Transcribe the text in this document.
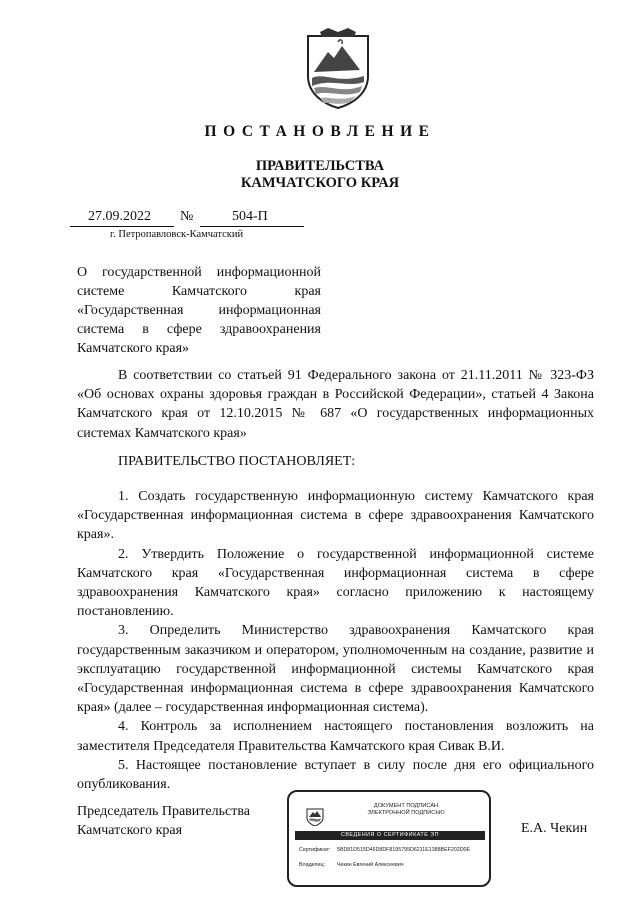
ПОСТАНОВЛЕНИЕ
ПРАВИТЕЛЬСТВА
КАМЧАТСКОГО КРАЯ
27.09.2022 №	504-П
г. Петропавловск-Камчатский

О государственной информационной

системе Камчатского края

«Государственная информационная

система в сфере здравоохранения

Камчатского края»

В соответствии со статьей 91 Федерального закона от 21.11.2011 № 323-ФЗ «Об основах охраны здоровья граждан в Российской Федерации», статьей 4 Закона Камчатского края от 12.10.2015 № 687 «О государственных информационных системах Камчатского края»

ПРАВИТЕЛЬСТВО ПОСТАНОВЛЯЕТ:

1. Создать государственную информационную систему Камчатского края «Государственная информационная система в сфере здравоохранения Камчатского края».

2. Утвердить Положение о государственной информационной системе Камчатского края «Государственная информационная система в сфере здравоохранения Камчатского края» согласно приложению к настоящему постановлению.

3. Определить Министерство здравоохранения Камчатского края государственным заказчиком и оператором, уполномоченным на создание, развитие и эксплуатацию государственной информационной системы Камчатского края «Государственная информационная система в сфере здравоохранения Камчатского края» (далее – государственная информационная система).

4. Контроль за исполнением настоящего постановления возложить на заместителя Председателя Правительства Камчатского края Сивак В.И.

5. Настоящее постановление вступает в силу после дня его официального опубликования.

Председатель Правительства
Камчатского края	Е.А. Чекин
ДОКУМЕНТ ПОДПИСАН
ЭЛЕКТРОННОЙ ПОДПИСЬЮ
СВЕДЕНИЯ О СЕРТИФИКАТЕ ЭП
Сертификат: 5BD81D515D46D8DF8195795D6211E1388BEF202D0E
Владелец: Чекин Евгений Алексеевич
